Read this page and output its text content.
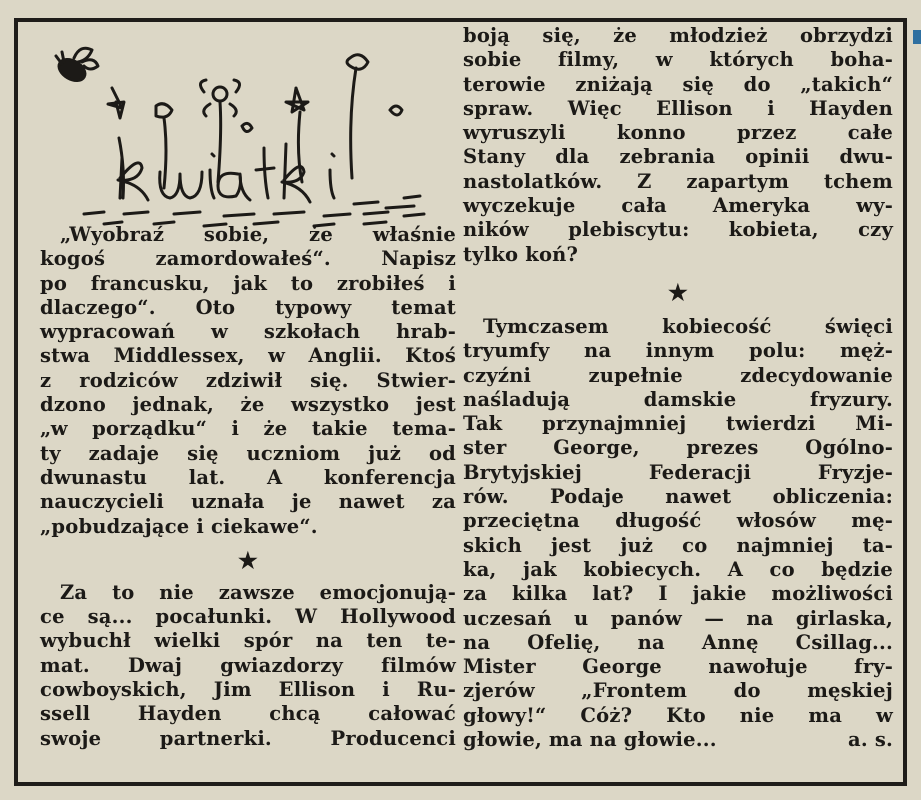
„Wyobraź sobie, że właśnie
kogoś zamordowałeś“. Napisz
po francusku, jak to zrobiłeś i
dlaczego“. Oto typowy temat
wypracowań w szkołach hrab-
stwa Middlessex, w Anglii. Ktoś
z rodziców zdziwił się. Stwier-
dzono jednak, że wszystko jest
„w porządku“ i że takie tema-
ty zadaje się uczniom już od
dwunastu lat. A konferencja
nauczycieli uznała je nawet za
„pobudzające i ciekawe“.

★

Za to nie zawsze emocjonują-
ce są... pocałunki. W Hollywood
wybuchł wielki spór na ten te-
mat. Dwaj gwiazdorzy filmów
cowboyskich, Jim Ellison i Ru-
ssell Hayden chcą całować
swoje partnerki. Producenci

boją się, że młodzież obrzydzi
sobie filmy, w których boha-
terowie zniżają się do „takich“
spraw. Więc Ellison i Hayden
wyruszyli konno przez całe
Stany dla zebrania opinii dwu-
nastolatków. Z zapartym tchem
wyczekuje cała Ameryka wy-
ników plebiscytu: kobieta, czy
tylko koń?

★

Tymczasem kobiecość święci
tryumfy na innym polu: męż-
czyźni zupełnie zdecydowanie
naśladują damskie fryzury.
Tak przynajmniej twierdzi Mi-
ster George, prezes Ogólno-
Brytyjskiej Federacji Fryzje-
rów. Podaje nawet obliczenia:
przeciętna długość włosów mę-
skich jest już co najmniej ta-
ka, jak kobiecych. A co będzie
za kilka lat? I jakie możliwości
uczesań u panów — na girlaska,
na Ofelię, na Annę Csillag...
Mister George nawołuje fry-
zjerów „Frontem do męskiej
głowy!“ Cóż? Kto nie ma w

głowie, ma na głowie...	a. s.
